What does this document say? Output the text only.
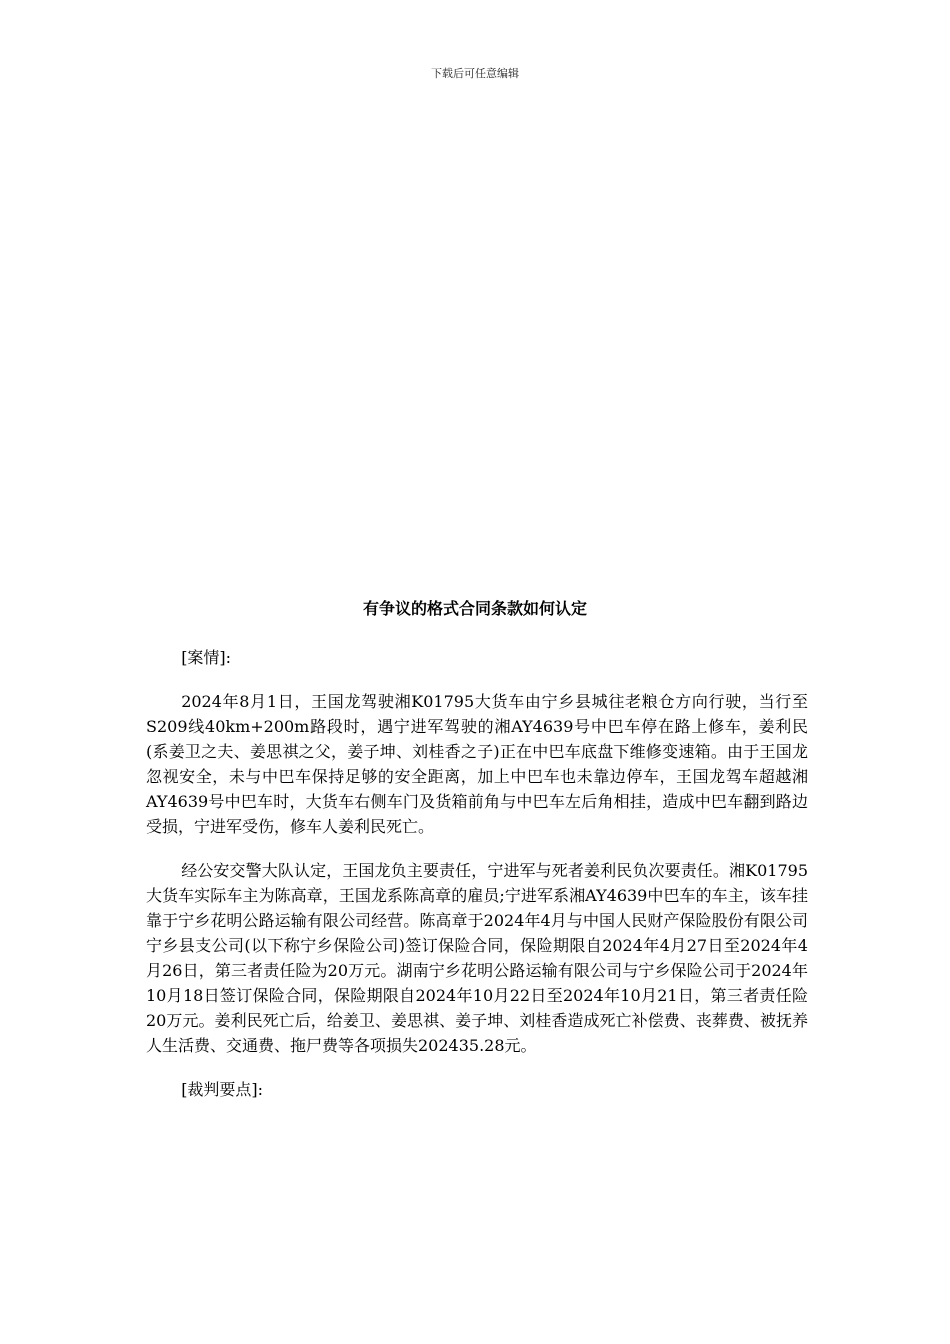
下载后可任意编辑
有争议的格式合同条款如何认定

[案情]:

2024年8月1日，王国龙驾驶湘K01795大货车由宁乡县城往老粮仓方向行驶，当行至S209线40km+200m路段时，遇宁进军驾驶的湘AY4639号中巴车停在路上修车，姜利民(系姜卫之夫、姜思祺之父，姜子坤、刘桂香之子)正在中巴车底盘下维修变速箱。由于王国龙忽视安全，未与中巴车保持足够的安全距离，加上中巴车也未靠边停车，王国龙驾车超越湘AY4639号中巴车时，大货车右侧车门及货箱前角与中巴车左后角相挂，造成中巴车翻到路边受损，宁进军受伤，修车人姜利民死亡。

经公安交警大队认定，王国龙负主要责任，宁进军与死者姜利民负次要责任。湘K01795大货车实际车主为陈高章，王国龙系陈高章的雇员;宁进军系湘AY4639中巴车的车主，该车挂靠于宁乡花明公路运输有限公司经营。陈高章于2024年4月与中国人民财产保险股份有限公司宁乡县支公司(以下称宁乡保险公司)签订保险合同，保险期限自2024年4月27日至2024年4月26日，第三者责任险为20万元。湖南宁乡花明公路运输有限公司与宁乡保险公司于2024年10月18日签订保险合同，保险期限自2024年10月22日至2024年10月21日，第三者责任险20万元。姜利民死亡后，给姜卫、姜思祺、姜子坤、刘桂香造成死亡补偿费、丧葬费、被抚养人生活费、交通费、拖尸费等各项损失202435.28元。

[裁判要点]:
